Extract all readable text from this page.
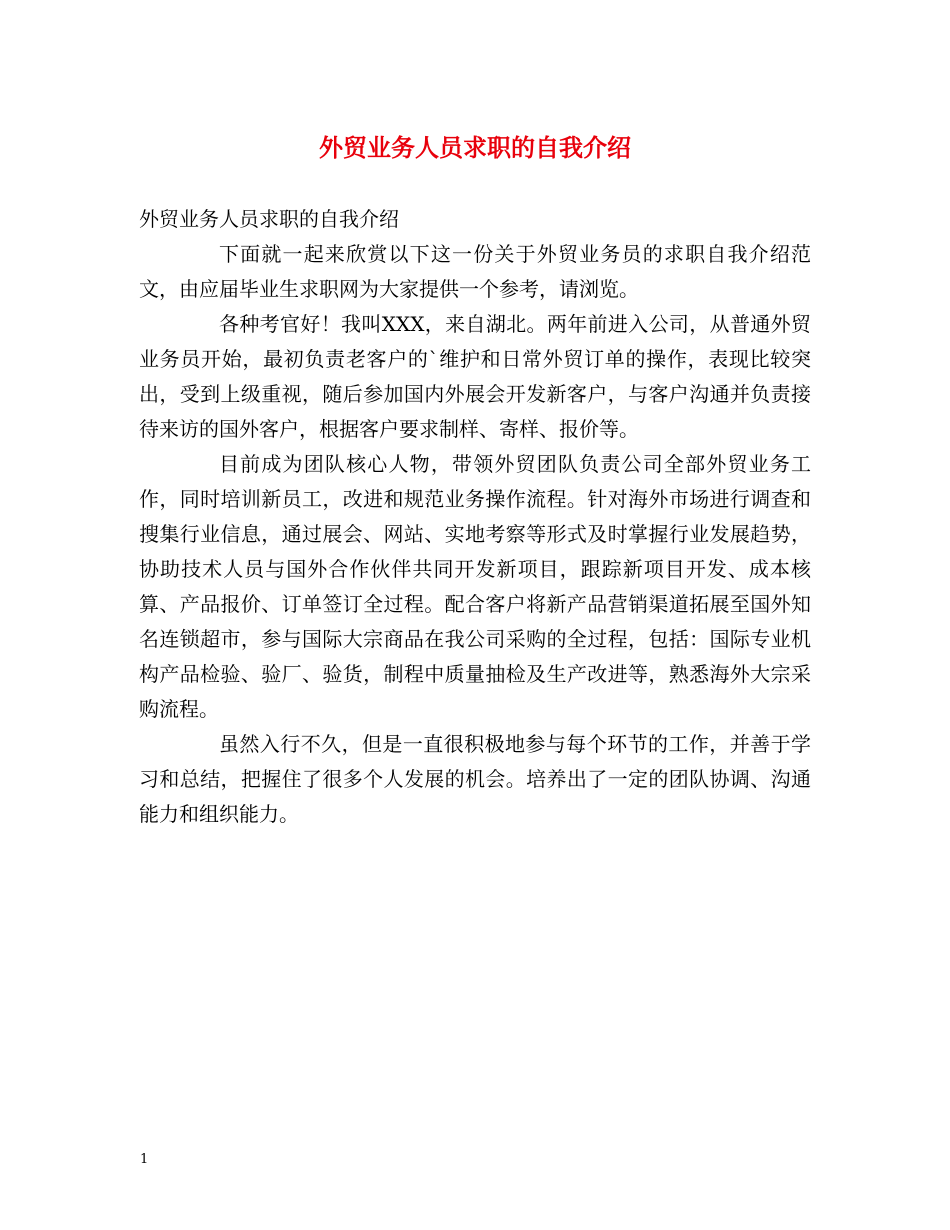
外贸业务人员求职的自我介绍

外贸业务人员求职的自我介绍

下面就一起来欣赏以下这一份关于外贸业务员的求职自我介绍范文，由应届毕业生求职网为大家提供一个参考，请浏览。

各种考官好！我叫XXX，来自湖北。两年前进入公司，从普通外贸业务员开始，最初负责老客户的`维护和日常外贸订单的操作，表现比较突出，受到上级重视，随后参加国内外展会开发新客户，与客户沟通并负责接待来访的国外客户，根据客户要求制样、寄样、报价等。

目前成为团队核心人物，带领外贸团队负责公司全部外贸业务工作，同时培训新员工，改进和规范业务操作流程。针对海外市场进行调查和搜集行业信息，通过展会、网站、实地考察等形式及时掌握行业发展趋势，协助技术人员与国外合作伙伴共同开发新项目，跟踪新项目开发、成本核算、产品报价、订单签订全过程。配合客户将新产品营销渠道拓展至国外知名连锁超市，参与国际大宗商品在我公司采购的全过程，包括：国际专业机构产品检验、验厂、验货，制程中质量抽检及生产改进等，熟悉海外大宗采购流程。

虽然入行不久，但是一直很积极地参与每个环节的工作，并善于学习和总结，把握住了很多个人发展的机会。培养出了一定的团队协调、沟通能力和组织能力。

1
